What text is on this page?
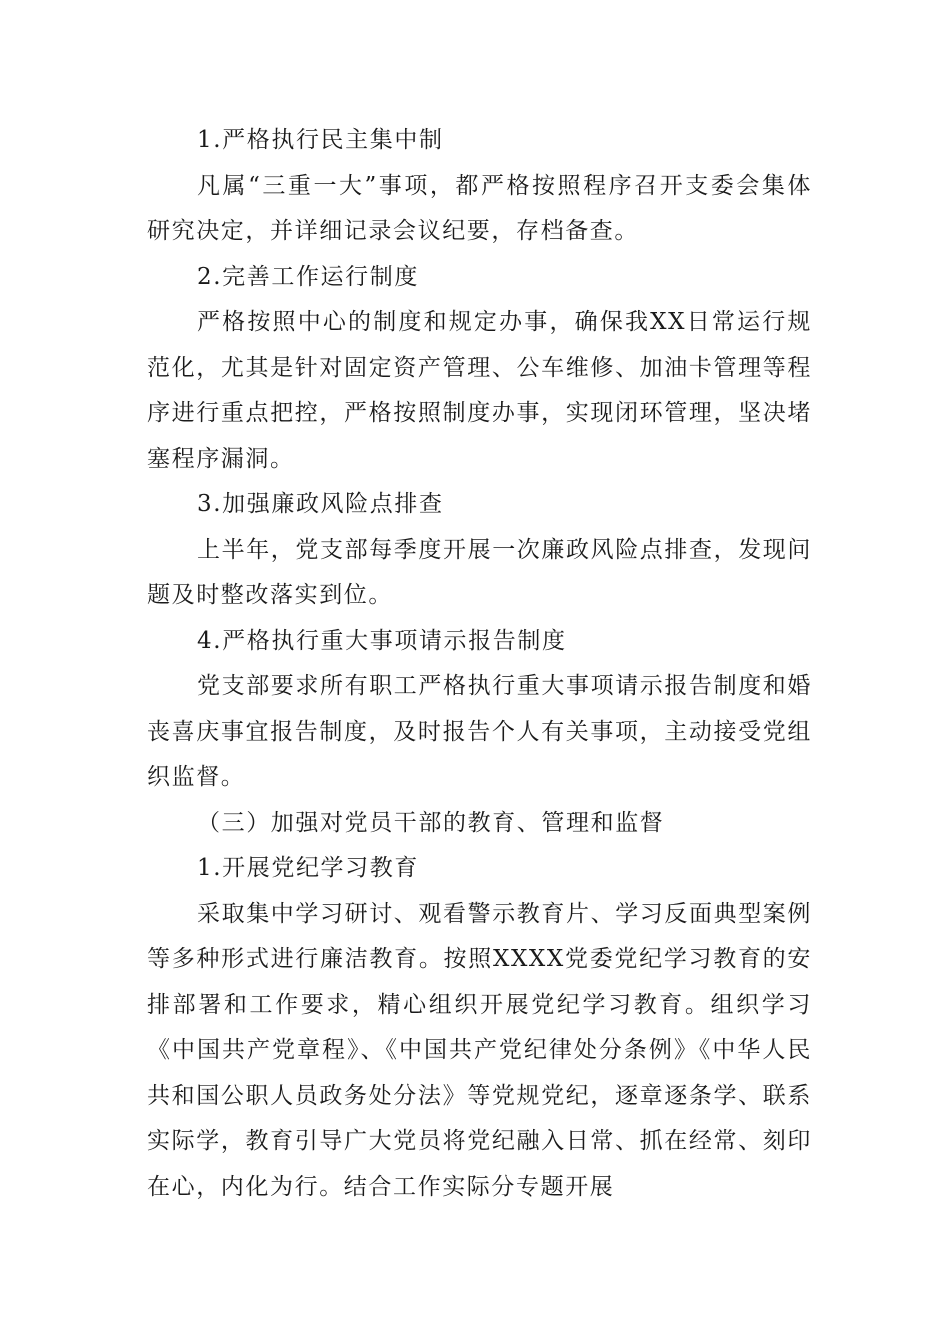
1.严格执行民主集中制

凡属“三重一大”事项，都严格按照程序召开支委会集体研究决定，并详细记录会议纪要，存档备查。

2.完善工作运行制度

严格按照中心的制度和规定办事，确保我XX日常运行规范化，尤其是针对固定资产管理、公车维修、加油卡管理等程序进行重点把控，严格按照制度办事，实现闭环管理，坚决堵塞程序漏洞。

3.加强廉政风险点排查

上半年，党支部每季度开展一次廉政风险点排查，发现问题及时整改落实到位。

4.严格执行重大事项请示报告制度

党支部要求所有职工严格执行重大事项请示报告制度和婚丧喜庆事宜报告制度，及时报告个人有关事项，主动接受党组织监督。

（三）加强对党员干部的教育、管理和监督

1.开展党纪学习教育

采取集中学习研讨、观看警示教育片、学习反面典型案例等多种形式进行廉洁教育。按照XXXX党委党纪学习教育的安排部署和工作要求，精心组织开展党纪学习教育。组织学习《中国共产党章程》、《中国共产党纪律处分条例》《中华人民共和国公职人员政务处分法》等党规党纪，逐章逐条学、联系实际学，教育引导广大党员将党纪融入日常、抓在经常、刻印在心，内化为行。结合工作实际分专题开展
